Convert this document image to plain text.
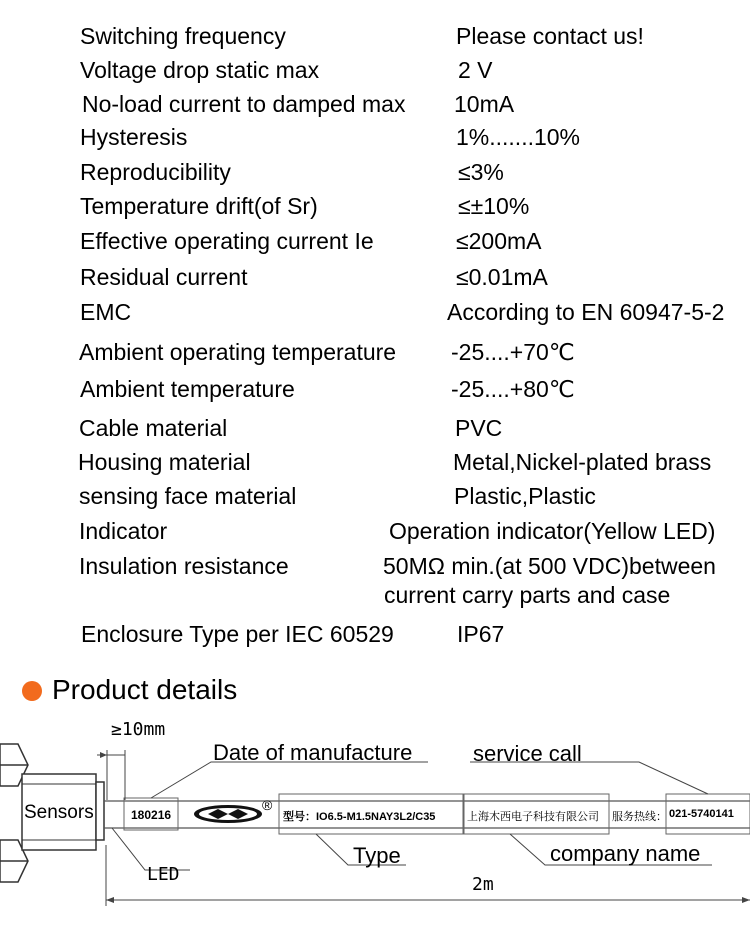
Switching frequency	Please contact us!
Voltage drop static max	2 V
No-load current to damped max 10mA
Hysteresis	1%.......10%
Reproducibility	≤3%
Temperature drift(of Sr)	≤±10%
Effective operating current Ie	≤200mA
Residual current	≤0.01mA
EMC	According to EN 60947-5-2
Ambient operating temperature -25....+70℃
Ambient temperature	-25....+80℃
Cable material	PVC
Housing material	Metal,Nickel-plated brass
sensing face material	Plastic,Plastic
Indicator	Operation indicator(Yellow LED)
Insulation resistance	50MΩ min.(at 500 VDC)between
current carry parts and case
Enclosure Type per IEC 60529	IP67
Product details
≥10mm
Date of manufacture	service call
Sensors	180216
®
型号：IO6.5-M1.5NAY3L2/C35	上海木西电子科技有限公司 服务热线： 021-5740141
Type	company name
LED	2m
